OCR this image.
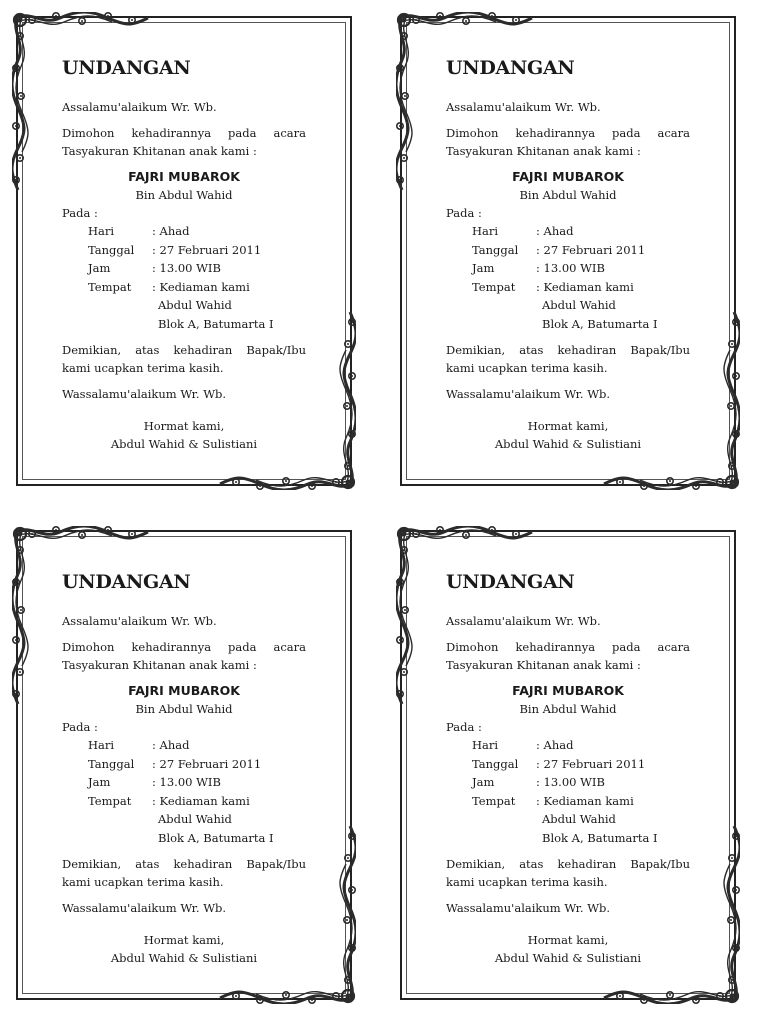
UNDANGAN
Assalamu'alaikum Wr. Wb.
Dimohon kehadirannya pada acara
Tasyakuran Khitanan anak kami :
FAJRI MUBAROK
Bin Abdul Wahid
Pada :
Hari	: Ahad
Tanggal	: 27 Februari 2011
Jam	: 13.00 WIB
Tempat	: Kediaman kami
	Abdul Wahid
	Blok A, Batumarta I
Demikian, atas kehadiran Bapak/Ibu
kami ucapkan terima kasih.
Wassalamu'alaikum Wr. Wb.
Hormat kami,
Abdul Wahid & Sulistiani
UNDANGAN
Assalamu'alaikum Wr. Wb.
Dimohon kehadirannya pada acara
Tasyakuran Khitanan anak kami :
FAJRI MUBAROK
Bin Abdul Wahid
Pada :
Hari	: Ahad
Tanggal	: 27 Februari 2011
Jam	: 13.00 WIB
Tempat	: Kediaman kami
	Abdul Wahid
	Blok A, Batumarta I
Demikian, atas kehadiran Bapak/Ibu
kami ucapkan terima kasih.
Wassalamu'alaikum Wr. Wb.
Hormat kami,
Abdul Wahid & Sulistiani
UNDANGAN
Assalamu'alaikum Wr. Wb.
Dimohon kehadirannya pada acara
Tasyakuran Khitanan anak kami :
FAJRI MUBAROK
Bin Abdul Wahid
Pada :
Hari	: Ahad
Tanggal	: 27 Februari 2011
Jam	: 13.00 WIB
Tempat	: Kediaman kami
	Abdul Wahid
	Blok A, Batumarta I
Demikian, atas kehadiran Bapak/Ibu
kami ucapkan terima kasih.
Wassalamu'alaikum Wr. Wb.
Hormat kami,
Abdul Wahid & Sulistiani
UNDANGAN
Assalamu'alaikum Wr. Wb.
Dimohon kehadirannya pada acara
Tasyakuran Khitanan anak kami :
FAJRI MUBAROK
Bin Abdul Wahid
Pada :
Hari	: Ahad
Tanggal	: 27 Februari 2011
Jam	: 13.00 WIB
Tempat	: Kediaman kami
	Abdul Wahid
	Blok A, Batumarta I
Demikian, atas kehadiran Bapak/Ibu
kami ucapkan terima kasih.
Wassalamu'alaikum Wr. Wb.
Hormat kami,
Abdul Wahid & Sulistiani
